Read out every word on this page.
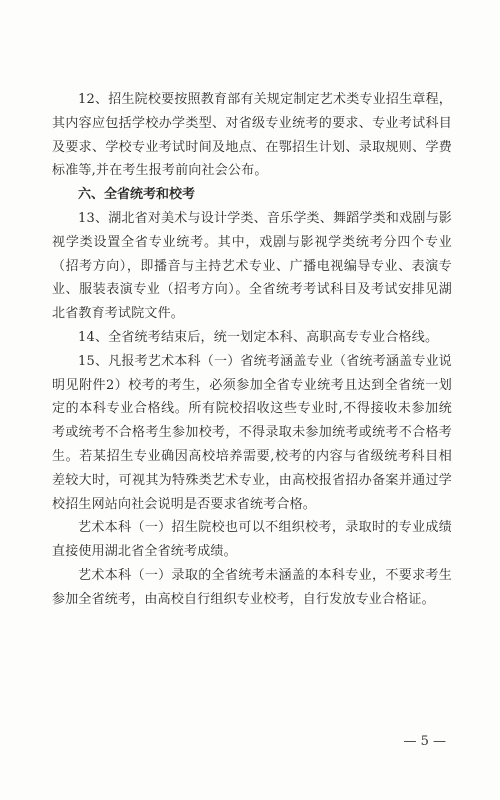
12、招生院校要按照教育部有关规定制定艺术类专业招生章程，其内容应包括学校办学类型、对省级专业统考的要求、专业考试科目及要求、学校专业考试时间及地点、在鄂招生计划、录取规则、学费标准等,并在考生报考前向社会公布。

六、全省统考和校考

13、湖北省对美术与设计学类、音乐学类、舞蹈学类和戏剧与影视学类设置全省专业统考。其中，戏剧与影视学类统考分四个专业（招考方向），即播音与主持艺术专业、广播电视编导专业、表演专业、服装表演专业（招考方向）。全省统考考试科目及考试安排见湖北省教育考试院文件。

14、全省统考结束后，统一划定本科、高职高专专业合格线。

15、凡报考艺术本科（一）省统考涵盖专业（省统考涵盖专业说明见附件2）校考的考生，必须参加全省专业统考且达到全省统一划定的本科专业合格线。所有院校招收这些专业时,不得接收未参加统考或统考不合格考生参加校考，不得录取未参加统考或统考不合格考生。若某招生专业确因高校培养需要,校考的内容与省级统考科目相差较大时，可视其为特殊类艺术专业，由高校报省招办备案并通过学校招生网站向社会说明是否要求省统考合格。

艺术本科（一）招生院校也可以不组织校考，录取时的专业成绩直接使用湖北省全省统考成绩。

艺术本科（一）录取的全省统考未涵盖的本科专业，不要求考生参加全省统考，由高校自行组织专业校考，自行发放专业合格证。

— 5 —
